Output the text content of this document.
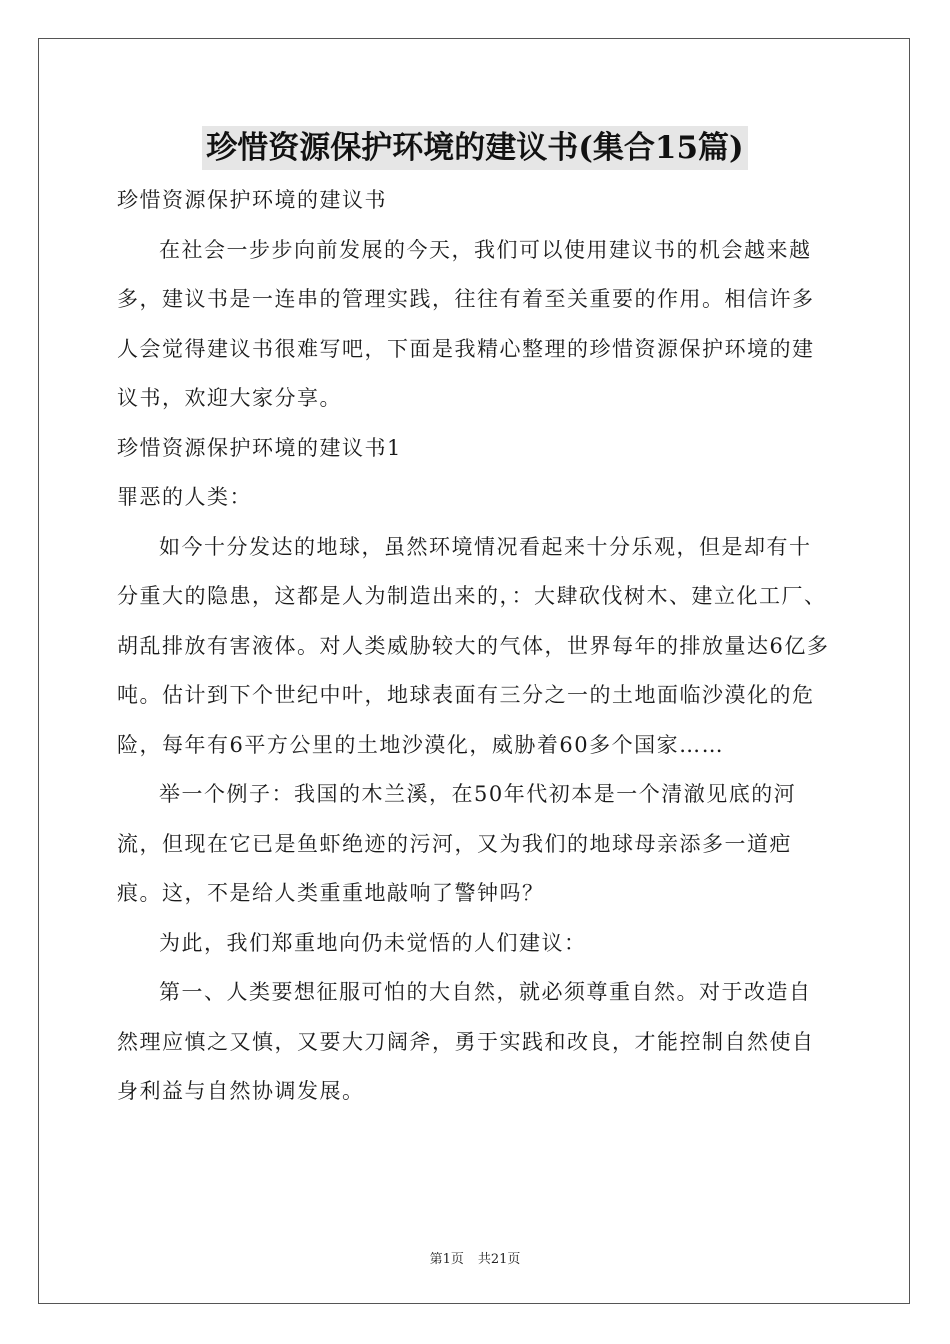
珍惜资源保护环境的建议书(集合15篇)

珍惜资源保护环境的建议书

在社会一步步向前发展的今天，我们可以使用建议书的机会越来越多，建议书是一连串的管理实践，往往有着至关重要的作用。相信许多人会觉得建议书很难写吧，下面是我精心整理的珍惜资源保护环境的建议书，欢迎大家分享。

珍惜资源保护环境的建议书1

罪恶的人类：

如今十分发达的地球，虽然环境情况看起来十分乐观，但是却有十分重大的隐患，这都是人为制造出来的，：大肆砍伐树木、建立化工厂、胡乱排放有害液体。对人类威胁较大的气体，世界每年的排放量达6亿多吨。估计到下个世纪中叶，地球表面有三分之一的土地面临沙漠化的危险，每年有6平方公里的土地沙漠化，威胁着60多个国家……

举一个例子：我国的木兰溪，在50年代初本是一个清澈见底的河流，但现在它已是鱼虾绝迹的污河，又为我们的地球母亲添多一道疤痕。这，不是给人类重重地敲响了警钟吗？

为此，我们郑重地向仍未觉悟的人们建议：

第一、人类要想征服可怕的大自然，就必须尊重自然。对于改造自然理应慎之又慎，又要大刀阔斧，勇于实践和改良，才能控制自然使自身利益与自然协调发展。

第1页 共21页
